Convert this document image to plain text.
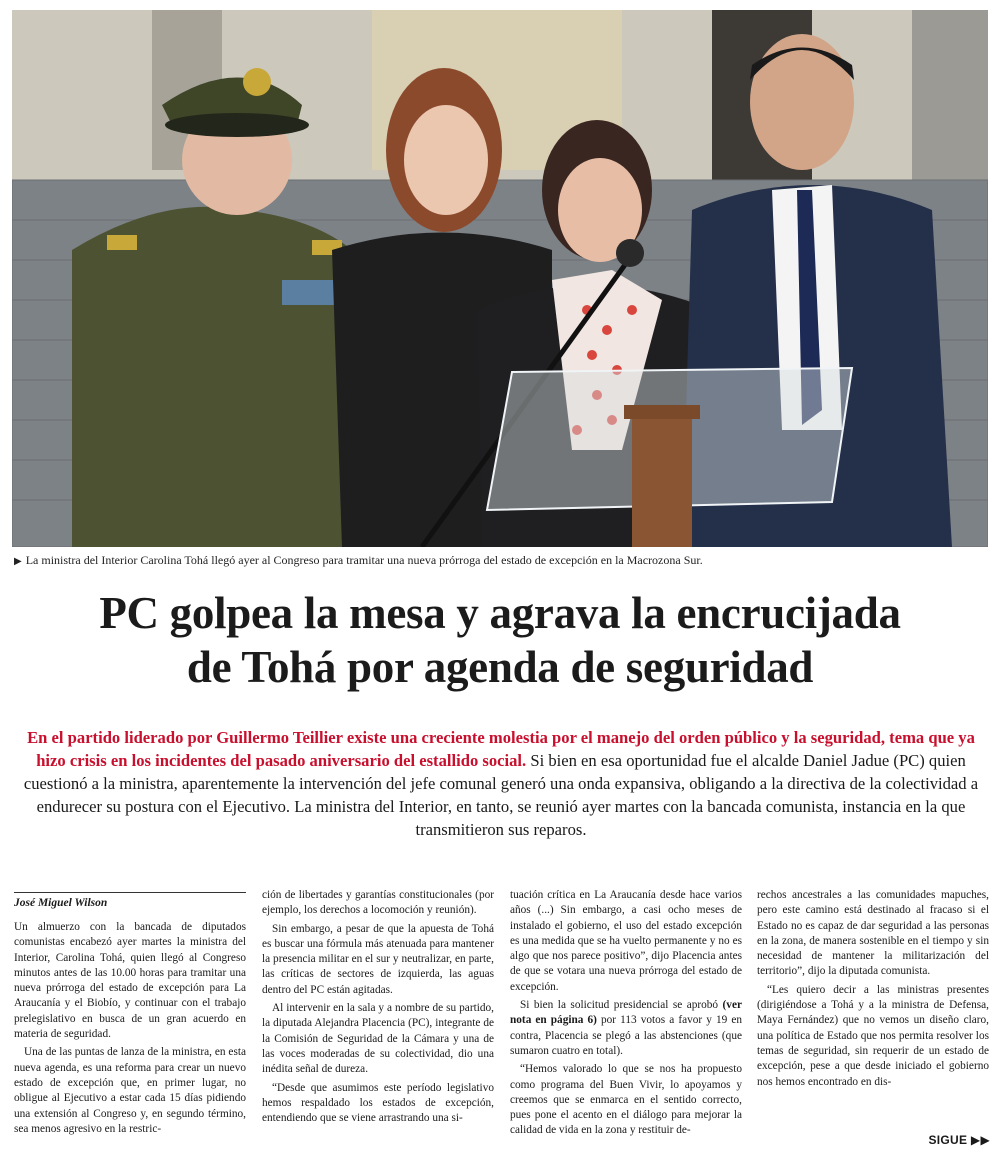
▶ La ministra del Interior Carolina Tohá llegó ayer al Congreso para tramitar una nueva prórroga del estado de excepción en la Macrozona Sur.
PC golpea la mesa y agrava la encrucijada
de Tohá por agenda de seguridad
En el partido liderado por Guillermo Teillier existe una creciente molestia por el manejo del orden público y la seguridad, tema que ya hizo crisis en los incidentes del pasado aniversario del estallido social. Si bien en esa oportunidad fue el alcalde Daniel Jadue (PC) quien cuestionó a la ministra, aparentemente la intervención del jefe comunal generó una onda expansiva, obligando a la directiva de la colectividad a endurecer su postura con el Ejecutivo. La ministra del Interior, en tanto, se reunió ayer martes con la bancada comunista, instancia en la que transmitieron sus reparos.
José Miguel Wilson

Un almuerzo con la bancada de diputados comunistas encabezó ayer martes la ministra del Interior, Carolina Tohá, quien llegó al Congreso minutos antes de las 10.00 horas para tramitar una nueva prórroga del estado de excepción para La Araucanía y el Biobío, y continuar con el trabajo prelegislativo en busca de un gran acuerdo en materia de seguridad.

Una de las puntas de lanza de la ministra, en esta nueva agenda, es una reforma para crear un nuevo estado de excepción que, en primer lugar, no obligue al Ejecutivo a estar cada 15 días pidiendo una extensión al Congreso y, en segundo término, sea menos agresivo en la restric-

ción de libertades y garantías constitucionales (por ejemplo, los derechos a locomoción y reunión).

Sin embargo, a pesar de que la apuesta de Tohá es buscar una fórmula más atenuada para mantener la presencia militar en el sur y neutralizar, en parte, las críticas de sectores de izquierda, las aguas dentro del PC están agitadas.

Al intervenir en la sala y a nombre de su partido, la diputada Alejandra Placencia (PC), integrante de la Comisión de Seguridad de la Cámara y una de las voces moderadas de su colectividad, dio una inédita señal de dureza.

“Desde que asumimos este período legislativo hemos respaldado los estados de excepción, entendiendo que se viene arrastrando una si-

tuación crítica en La Araucanía desde hace varios años (...) Sin embargo, a casi ocho meses de instalado el gobierno, el uso del estado excepción es una medida que se ha vuelto permanente y no es algo que nos parece positivo”, dijo Placencia antes de que se votara una nueva prórroga del estado de excepción.

Si bien la solicitud presidencial se aprobó (ver nota en página 6) por 113 votos a favor y 19 en contra, Placencia se plegó a las abstenciones (que sumaron cuatro en total).

“Hemos valorado lo que se nos ha propuesto como programa del Buen Vivir, lo apoyamos y creemos que se enmarca en el sentido correcto, pues pone el acento en el diálogo para mejorar la calidad de vida en la zona y restituir de-

rechos ancestrales a las comunidades mapuches, pero este camino está destinado al fracaso si el Estado no es capaz de dar seguridad a las personas en la zona, de manera sostenible en el tiempo y sin necesidad de mantener la militarización del territorio”, dijo la diputada comunista.

“Les quiero decir a las ministras presentes (dirigiéndose a Tohá y a la ministra de Defensa, Maya Fernández) que no vemos un diseño claro, una política de Estado que nos permita resolver los temas de seguridad, sin requerir de un estado de excepción, pese a que desde iniciado el gobierno nos hemos encontrado en dis-

SIGUE ▶▶
